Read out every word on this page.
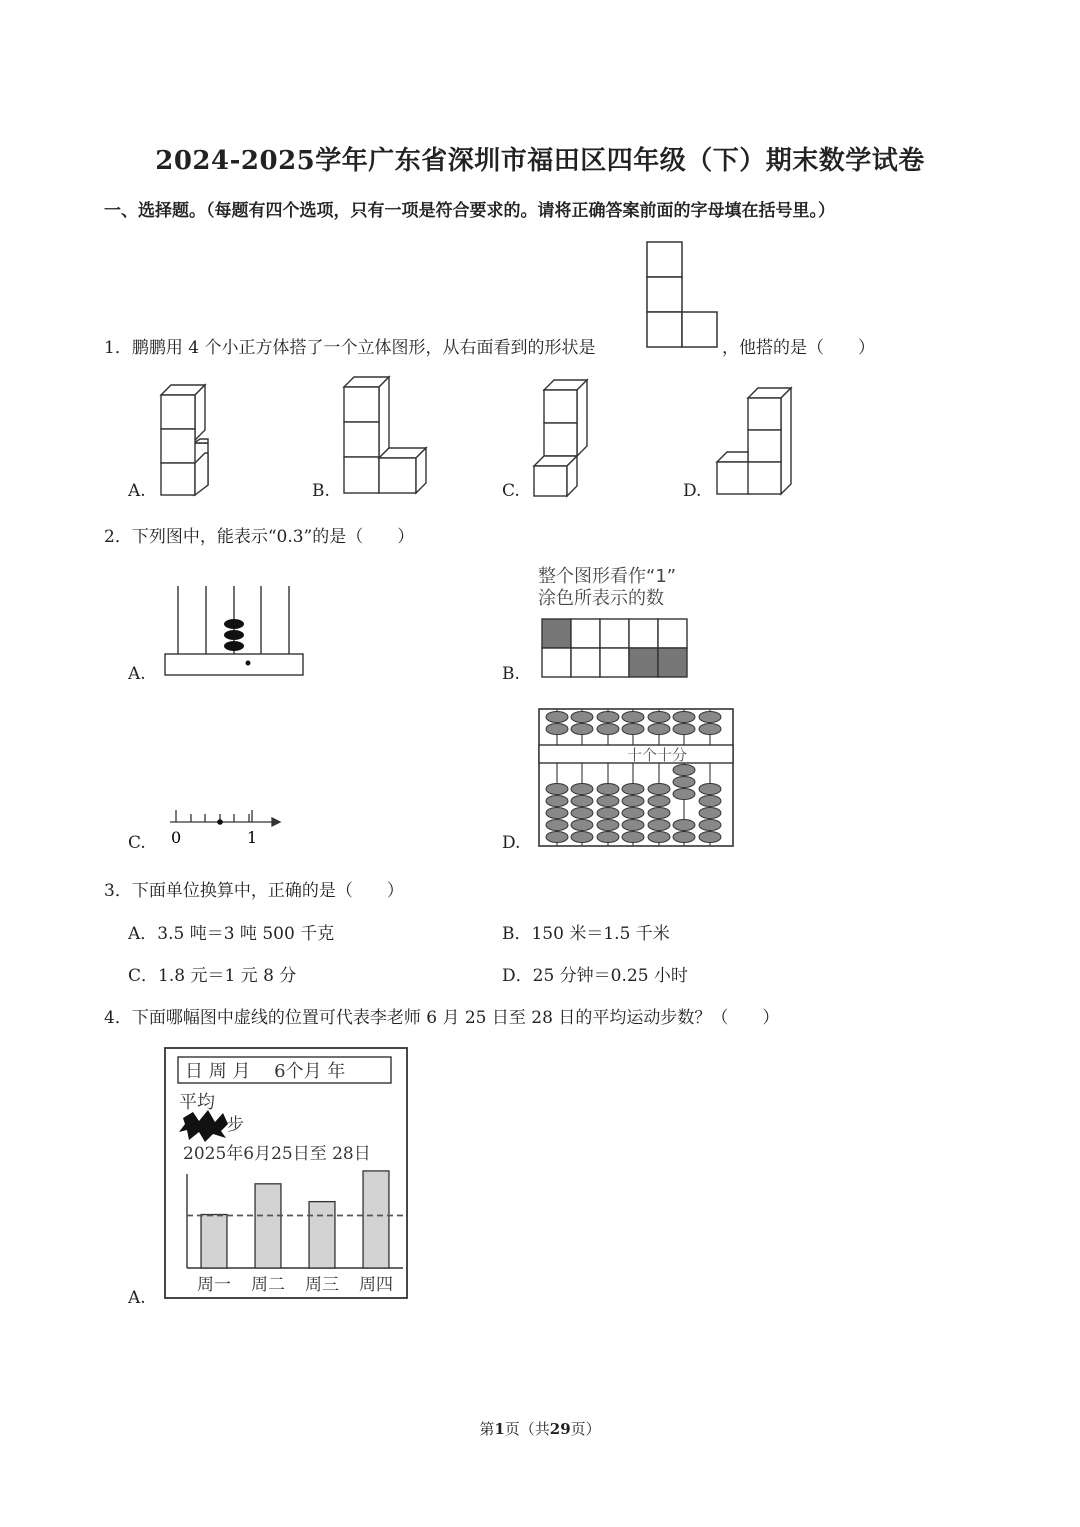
2024-2025学年广东省深圳市福田区四年级（下）期末数学试卷
一、选择题。（每题有四个选项，只有一项是符合要求的。请将正确答案前面的字母填在括号里。）
1．鹏鹏用 4 个小正方体搭了一个立体图形，从右面看到的形状是	，他搭的是（　　）
A.	B.	C.	D.
2．下列图中，能表示“0.3”的是（　　）
A.	B.
整个图形看作“1”
涂色所表示的数
C. 0	1	D.
十个十分
3．下面单位换算中，正确的是（　　）
A．3.5 吨＝3 吨 500 千克	B．150 米＝1.5 千米
C．1.8 元＝1 元 8 分	D．25 分钟＝0.25 小时
4．下面哪幅图中虚线的位置可代表李老师 6 月 25 日至 28 日的平均运动步数？（　　）
A.
日 周 月　 6个月 年
平均
步
2025年6月25日至 28日
周一 周二 周三 周四
第1页（共29页）
